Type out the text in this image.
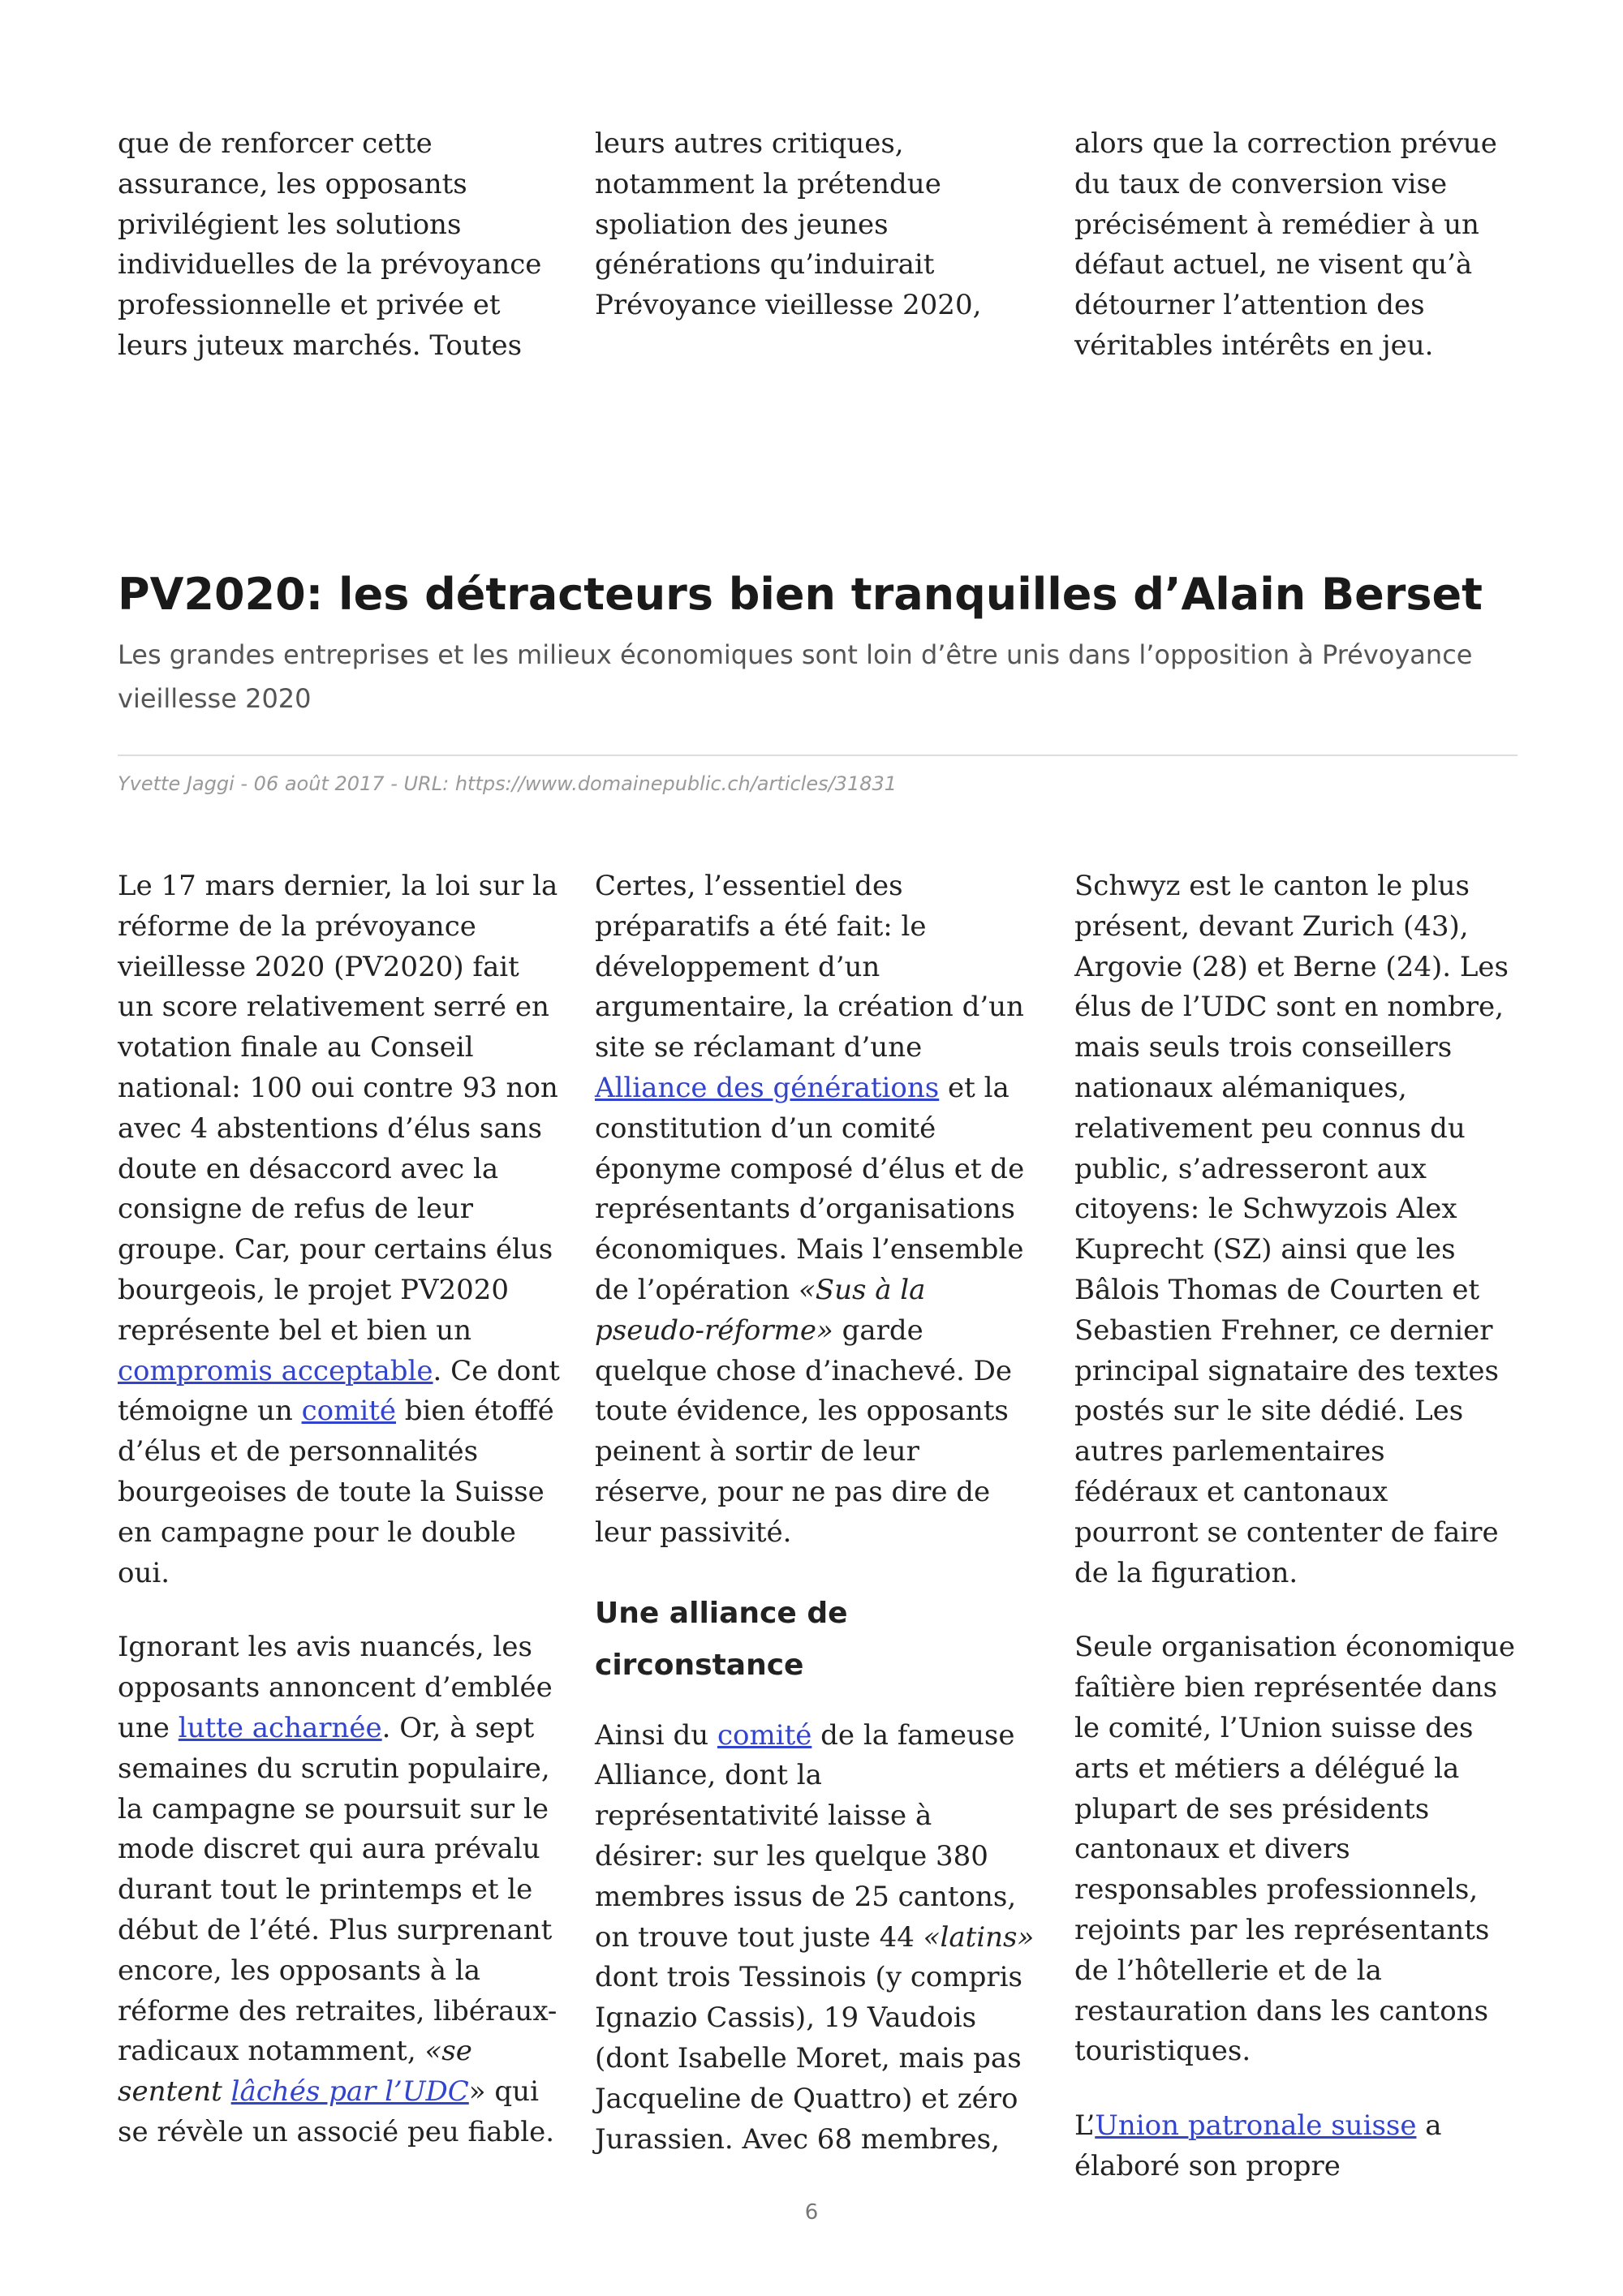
que de renforcer cette assurance, les opposants privilégient les solutions individuelles de la prévoyance professionnelle et privée et leurs juteux marchés. Toutes

leurs autres critiques, notamment la prétendue spoliation des jeunes générations qu’induirait Prévoyance vieillesse 2020,

alors que la correction prévue du taux de conversion vise précisément à remédier à un défaut actuel, ne visent qu’à détourner l’attention des véritables intérêts en jeu.

PV2020: les détracteurs bien tranquilles d’Alain Berset

Les grandes entreprises et les milieux économiques sont loin d’être unis dans l’opposition à Prévoyance vieillesse 2020

Yvette Jaggi - 06 août 2017 - URL: https://www.domainepublic.ch/articles/31831

Le 17 mars dernier, la loi sur la réforme de la prévoyance vieillesse 2020 (PV2020) fait un score relativement serré en votation finale au Conseil national: 100 oui contre 93 non avec 4 abstentions d’élus sans doute en désaccord avec la consigne de refus de leur groupe. Car, pour certains élus bourgeois, le projet PV2020 représente bel et bien un compromis acceptable. Ce dont témoigne un comité bien étoffé d’élus et de personnalités bourgeoises de toute la Suisse en campagne pour le double oui.

Ignorant les avis nuancés, les opposants annoncent d’emblée une lutte acharnée. Or, à sept semaines du scrutin populaire, la campagne se poursuit sur le mode discret qui aura prévalu durant tout le printemps et le début de l’été. Plus surprenant encore, les opposants à la réforme des retraites, libéraux-radicaux notamment, «se sentent lâchés par l’UDC» qui se révèle un associé peu fiable.

Certes, l’essentiel des préparatifs a été fait: le développement d’un argumentaire, la création d’un site se réclamant d’une Alliance des générations et la constitution d’un comité éponyme composé d’élus et de représentants d’organisations économiques. Mais l’ensemble de l’opération «Sus à la pseudo-réforme» garde quelque chose d’inachevé. De toute évidence, les opposants peinent à sortir de leur réserve, pour ne pas dire de leur passivité.

Une alliance de circonstance

Ainsi du comité de la fameuse Alliance, dont la représentativité laisse à désirer: sur les quelque 380 membres issus de 25 cantons, on trouve tout juste 44 «latins» dont trois Tessinois (y compris Ignazio Cassis), 19 Vaudois (dont Isabelle Moret, mais pas Jacqueline de Quattro) et zéro Jurassien. Avec 68 membres,

Schwyz est le canton le plus présent, devant Zurich (43), Argovie (28) et Berne (24). Les élus de l’UDC sont en nombre, mais seuls trois conseillers nationaux alémaniques, relativement peu connus du public, s’adresseront aux citoyens: le Schwyzois Alex Kuprecht (SZ) ainsi que les Bâlois Thomas de Courten et Sebastien Frehner, ce dernier principal signataire des textes postés sur le site dédié. Les autres parlementaires fédéraux et cantonaux pourront se contenter de faire de la figuration.

Seule organisation économique faîtière bien représentée dans le comité, l’Union suisse des arts et métiers a délégué la plupart de ses présidents cantonaux et divers responsables professionnels, rejoints par les représentants de l’hôtellerie et de la restauration dans les cantons touristiques.

L’Union patronale suisse a élaboré son propre

6
